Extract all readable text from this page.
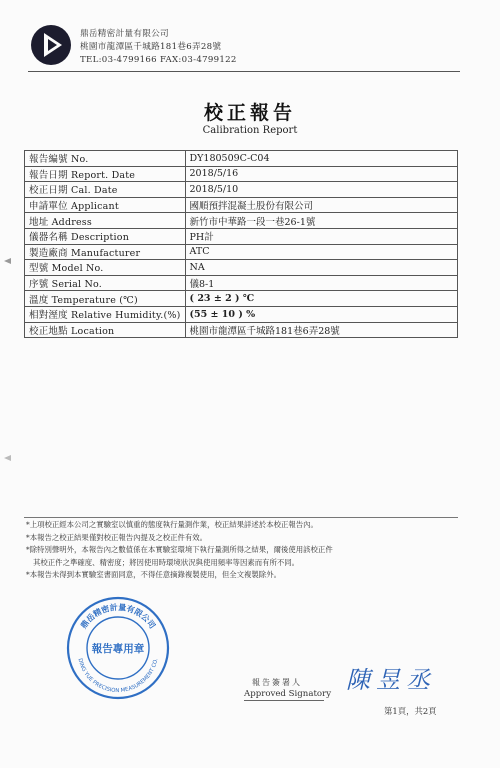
鼎岳精密計量有限公司
桃園市龍潭區千城路181巷6弄28號
TEL:03-4799166 FAX:03-4799122
校正報告
Calibration Report
報告編號 No.	DY180509C-C04
報告日期 Report. Date	2018/5/16
校正日期 Cal. Date	2018/5/10
申請單位 Applicant	國順預拌混凝土股份有限公司
地址 Address	新竹市中華路一段一巷26-1號
儀器名稱 Description	PH計
製造廠商 Manufacturer	ATC
型號 Model No.	NA
序號 Serial No.	儀8-1
溫度 Temperature (℃)	( 23 ± 2 ) ℃
相對溼度 Relative Humidity.(%)	(55 ± 10 ) %
校正地點 Location	桃園市龍潭區千城路181巷6弄28號
*上項校正經本公司之實驗室以慎重的態度執行量測作業，校正結果詳述於本校正報告內。
*本報告之校正結果僅對校正報告內提及之校正件有效。
*除特別聲明外，本報告內之數值係在本實驗室環境下執行量測所得之結果，爾後使用該校正件
其校正件之準確度、精密度；將因使用時環境狀況與使用頻率等因素而有所不同。
*本報告未得到本實驗室書面同意，不得任意摘錄複製使用，但全文複製除外。
鼎岳精密計量有限公司
DING YUE PRECISION MEASUREMENT CO.
報告專用章
報告簽署人
Approved Signatory 陳昱丞
第1頁，共2頁
